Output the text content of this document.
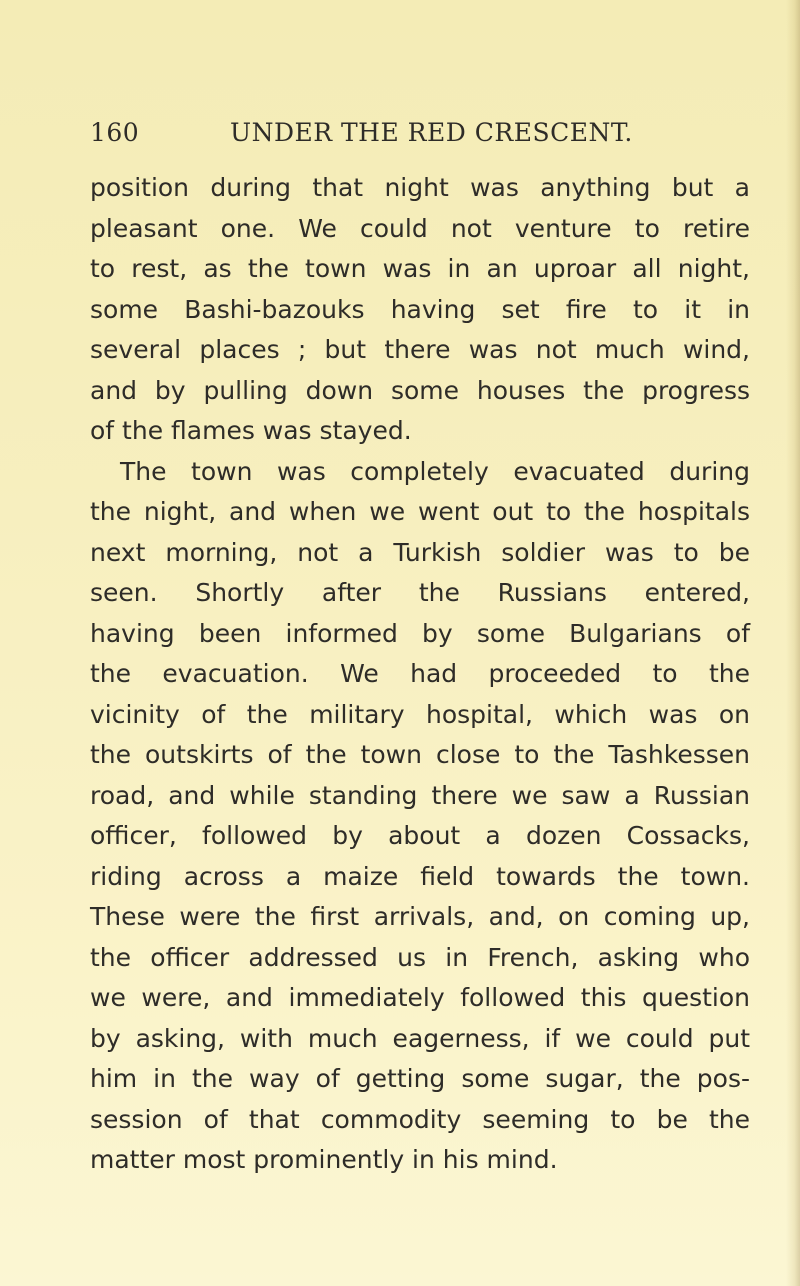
160	UNDER THE RED CRESCENT.
position during that night was anything but a
pleasant one. We could not venture to retire
to rest, as the town was in an uproar all night,
some Bashi-bazouks having set fire to it in
several places ; but there was not much wind,
and by pulling down some houses the progress
of the flames was stayed.
The town was completely evacuated during
the night, and when we went out to the hospitals
next morning, not a Turkish soldier was to be
seen. Shortly after the Russians entered,
having been informed by some Bulgarians of
the evacuation. We had proceeded to the
vicinity of the military hospital, which was on
the outskirts of the town close to the Tashkessen
road, and while standing there we saw a Russian
officer, followed by about a dozen Cossacks,
riding across a maize field towards the town.
These were the first arrivals, and, on coming up,
the officer addressed us in French, asking who
we were, and immediately followed this question
by asking, with much eagerness, if we could put
him in the way of getting some sugar, the pos-
session of that commodity seeming to be the
matter most prominently in his mind.
